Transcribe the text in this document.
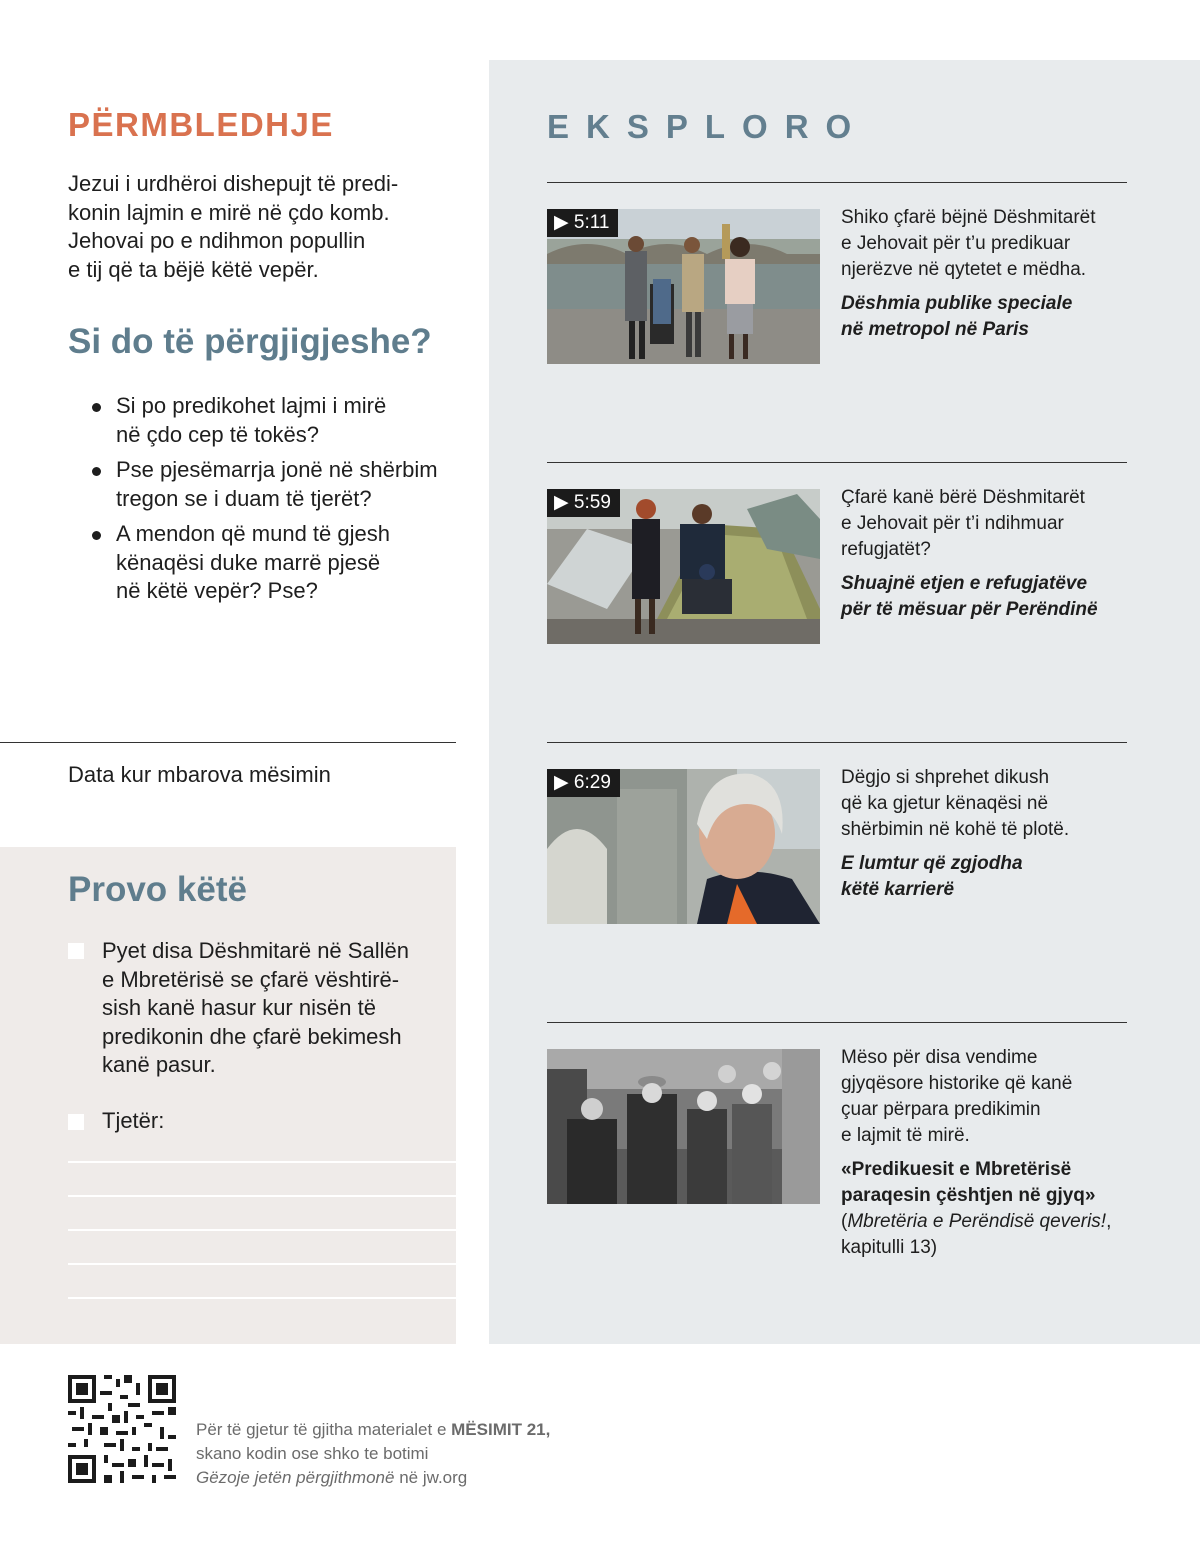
PËRMBLEDHJE
Jezui i urdhëroi dishepujt të predi-
konin lajmin e mirë në çdo komb.
Jehovai po e ndihmon popullin
e tij që ta bëjë këtë vepër.
Si do të përgjigjeshe?
Si po predikohet lajmi i mirë
në çdo cep të tokës?
Pse pjesëmarrja jonë në shërbim
tregon se i duam të tjerët?
A mendon që mund të gjesh
kënaqësi duke marrë pjesë
në këtë vepër? Pse?
Data kur mbarova mësimin
Provo këtë
Pyet disa Dëshmitarë në Sallën
e Mbretërisë se çfarë vështirë-
sish kanë hasur kur nisën të
predikonin dhe çfarë bekimesh
kanë pasur.
Tjetër:
EKSPLORO
▶ 5:11	Shiko çfarë bëjnë Dëshmitarët
e Jehovait për t’u predikuar
njerëzve në qytetet e mëdha.
Dëshmia publike speciale
në metropol në Paris
▶ 5:59	Çfarë kanë bërë Dëshmitarët
e Jehovait për t’i ndihmuar
refugjatët?
Shuajnë etjen e refugjatëve
për të mësuar për Perëndinë
▶ 6:29	Dëgjo si shprehet dikush
që ka gjetur kënaqësi në
shërbimin në kohë të plotë.
E lumtur që zgjodha
këtë karrierë
Mëso për disa vendime
gjyqësore historike që kanë
çuar përpara predikimin
e lajmit të mirë.
«Predikuesit e Mbretërisë
paraqesin çështjen në gjyq»
(Mbretëria e Perëndisë qeveris!,
kapitulli 13)
Për të gjetur të gjitha materialet e MËSIMIT 21,
skano kodin ose shko te botimi
Gëzoje jetën përgjithmonë në jw.org
